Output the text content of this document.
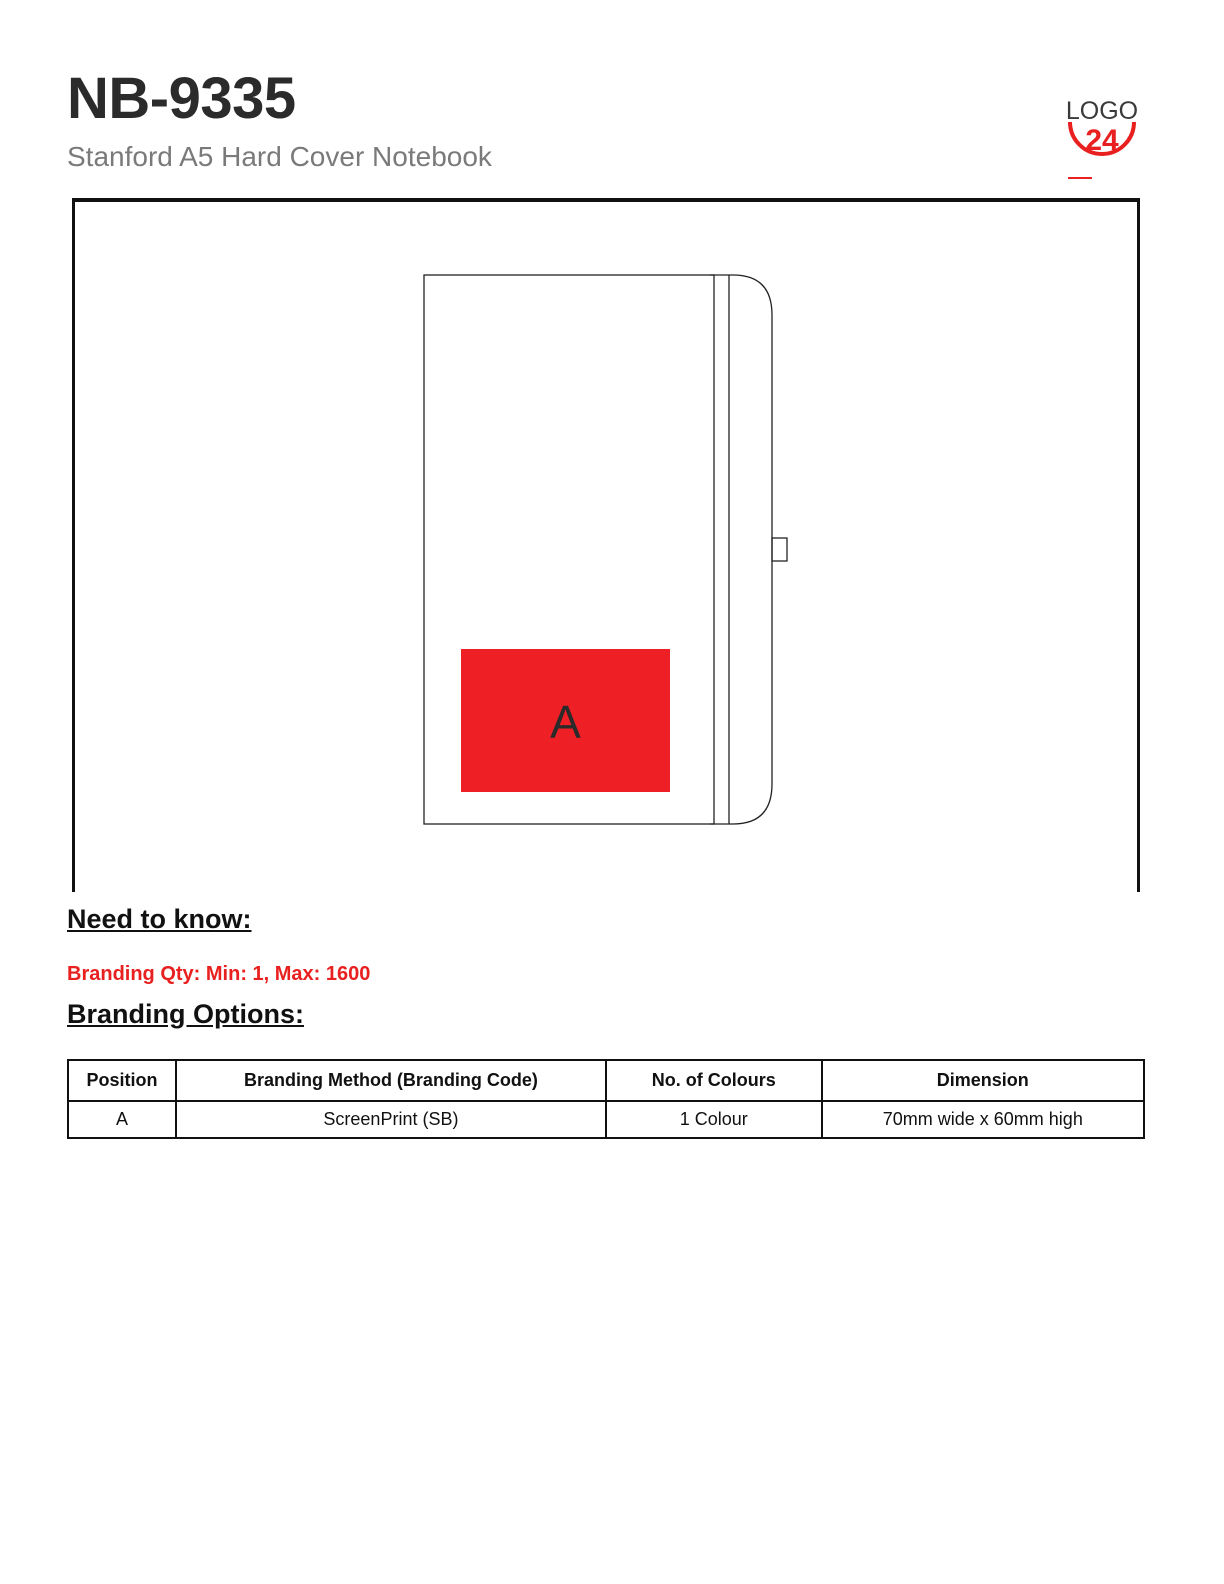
NB-9335
Stanford A5 Hard Cover Notebook
LOGO
24
A
Need to know:
Branding Qty: Min: 1, Max: 1600
Branding Options:
Position	Branding Method (Branding Code)	No. of Colours	Dimension
A	ScreenPrint (SB)	1 Colour	70mm wide x 60mm high
